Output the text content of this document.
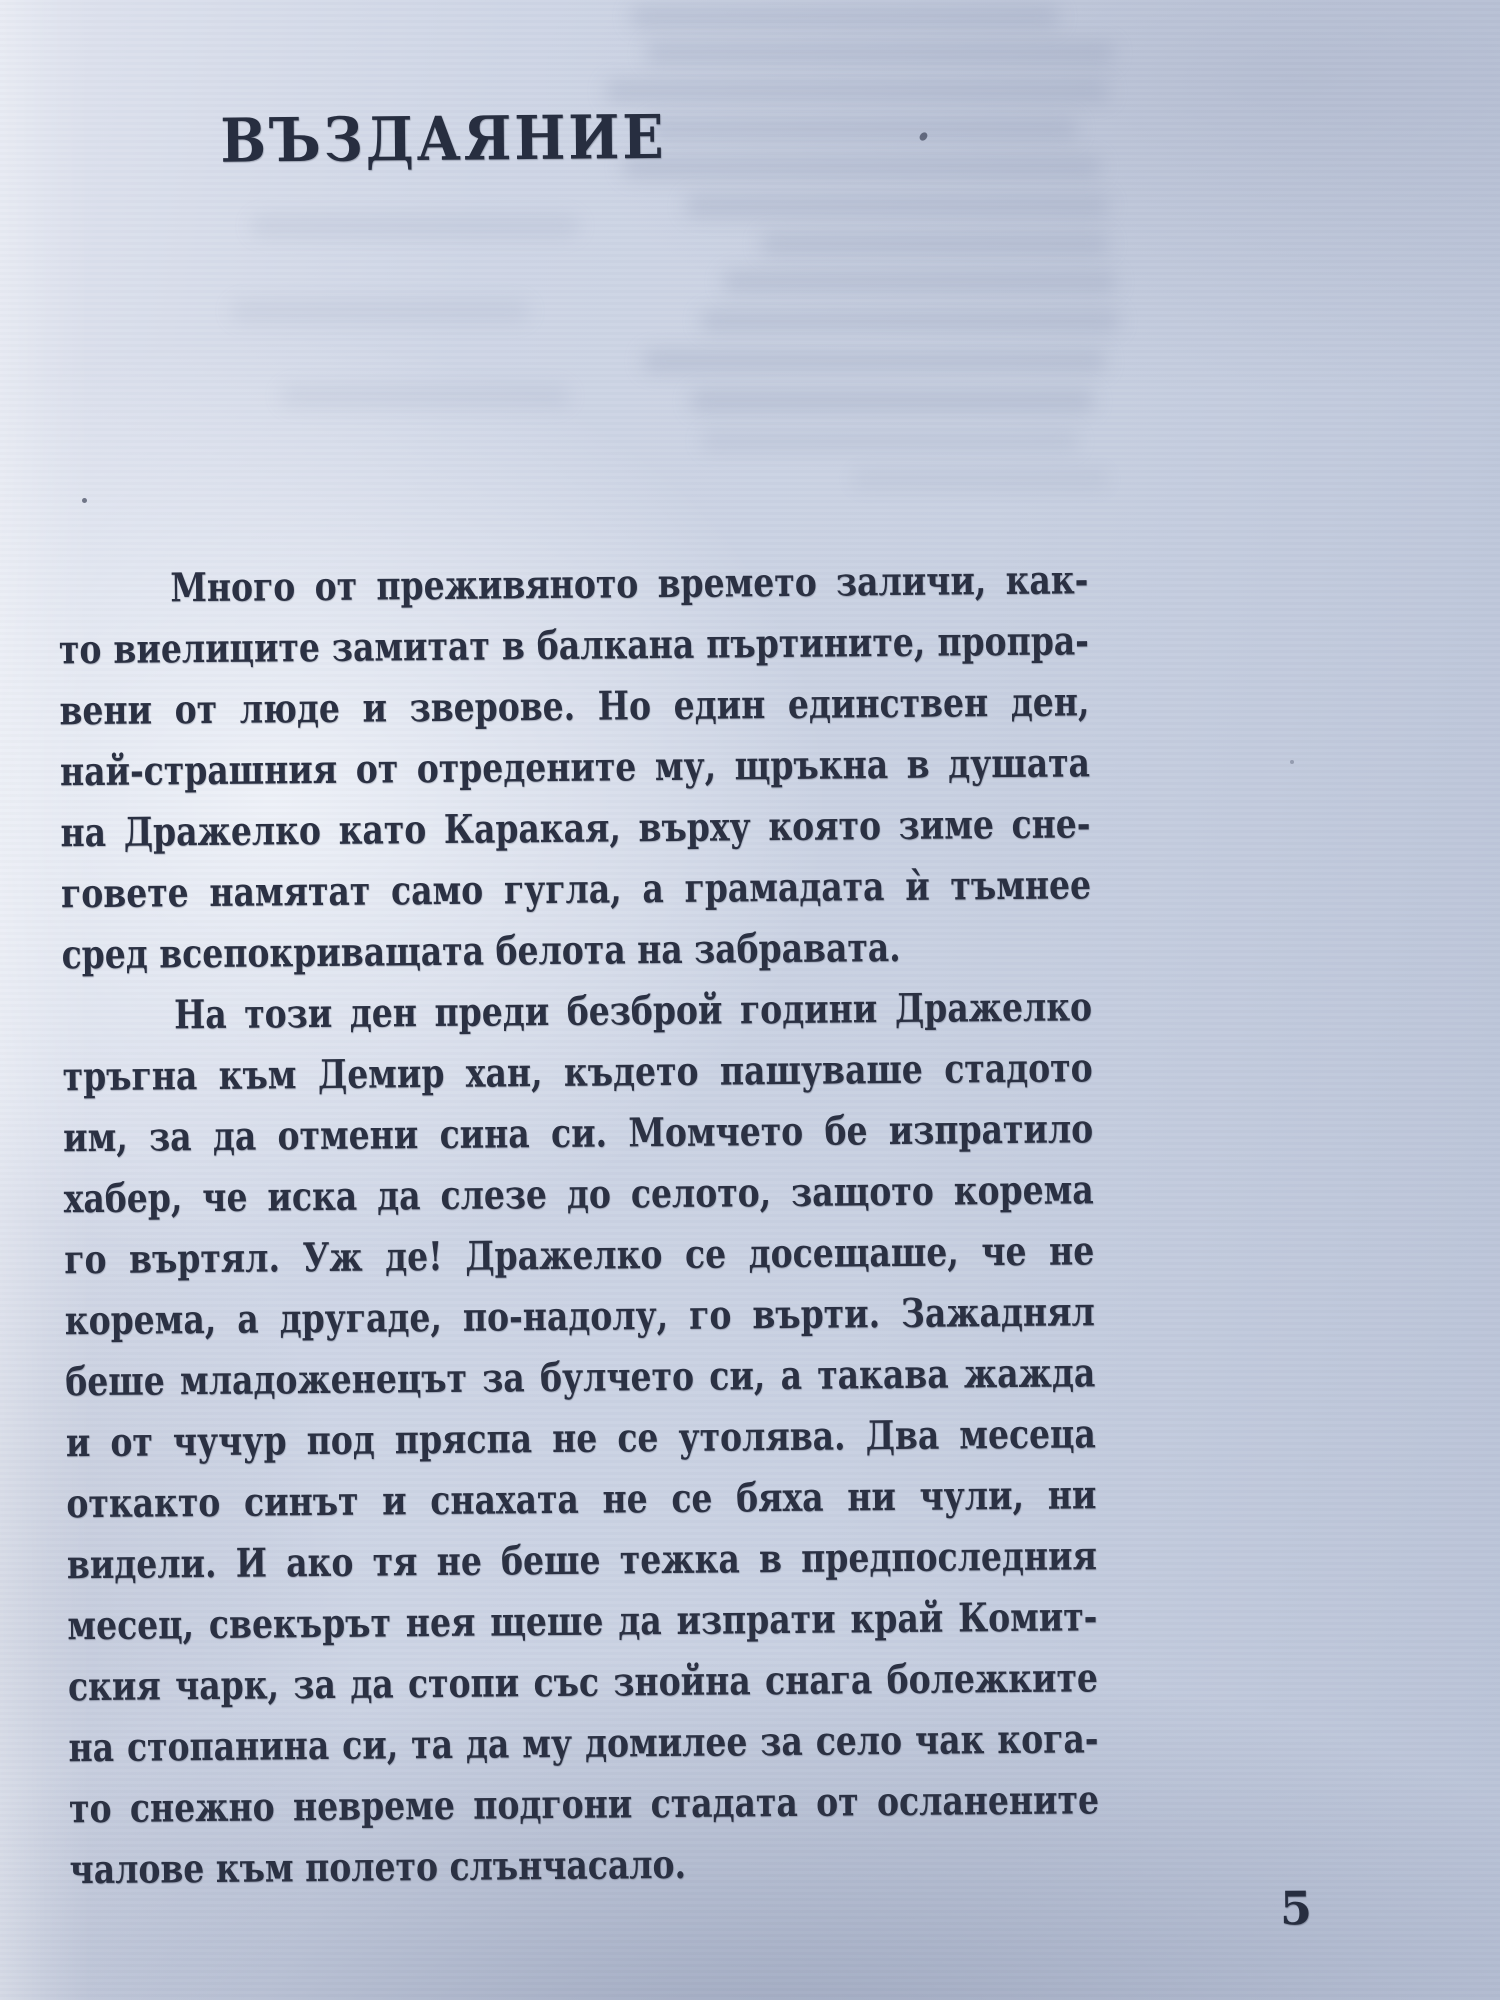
ВЪЗДАЯНИЕ
Много от преживяното времето заличи, как-
то виелиците замитат в балкана пъртините, пропра-
вени от люде и зверове. Но един единствен ден,
най-страшния от отредените му, щръкна в душата
на Дражелко като Каракая, върху която зиме сне-
говете намятат само гугла, а грамадата ѝ тъмнее
сред всепокриващата белота на забравата.
На този ден преди безброй години Дражелко
тръгна към Демир хан, където пашуваше стадото
им, за да отмени сина си. Момчето бе изпратило
хабер, че иска да слезе до селото, защото корема
го въртял. Уж де! Дражелко се досещаше, че не
корема, а другаде, по-надолу, го върти. Зажаднял
беше младоженецът за булчето си, а такава жажда
и от чучур под пряспа не се утолява. Два месеца
откакто синът и снахата не се бяха ни чули, ни
видели. И ако тя не беше тежка в предпоследния
месец, свекърът нея щеше да изпрати край Комит-
ския чарк, за да стопи със знойна снага болежките
на стопанина си, та да му домилее за село чак кога-
то снежно невреме подгони стадата от осланените
чалове към полето слънчасало.
5
